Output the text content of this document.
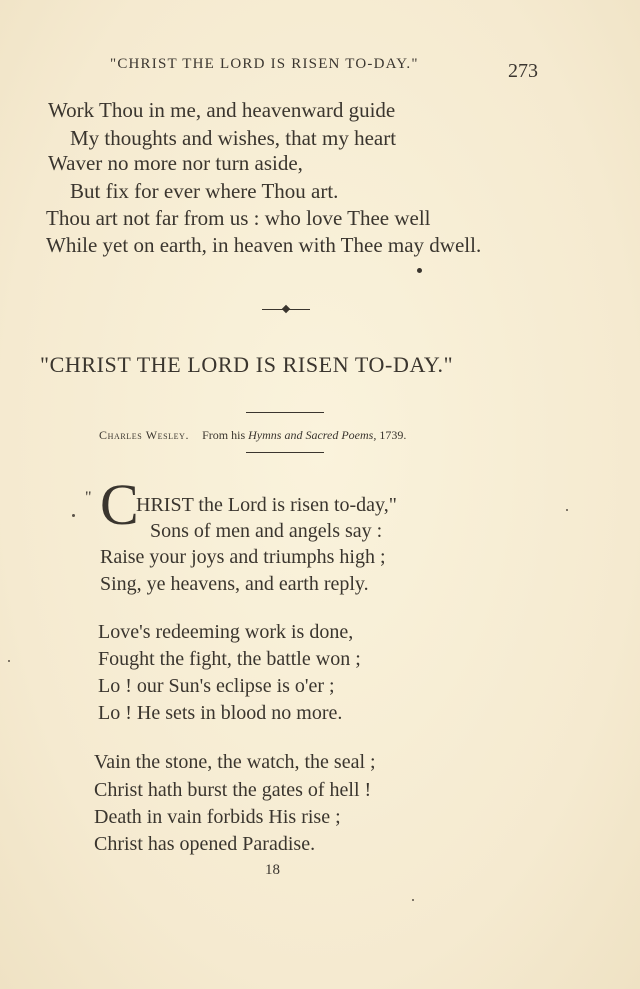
"CHRIST THE LORD IS RISEN TO-DAY."	273
Work Thou in me, and heavenward guide
My thoughts and wishes, that my heart
Waver no more nor turn aside,
But fix for ever where Thou art.
Thou art not far from us : who love Thee well
While yet on earth, in heaven with Thee may dwell.
"CHRIST THE LORD IS RISEN TO-DAY."
Charles Wesley. From his Hymns and Sacred Poems, 1739.
" C
HRIST the Lord is risen to-day,"
Sons of men and angels say :
Raise your joys and triumphs high ;
Sing, ye heavens, and earth reply.
Love's redeeming work is done,
Fought the fight, the battle won ;
Lo ! our Sun's eclipse is o'er ;
Lo ! He sets in blood no more.
Vain the stone, the watch, the seal ;
Christ hath burst the gates of hell !
Death in vain forbids His rise ;
Christ has opened Paradise.
18
